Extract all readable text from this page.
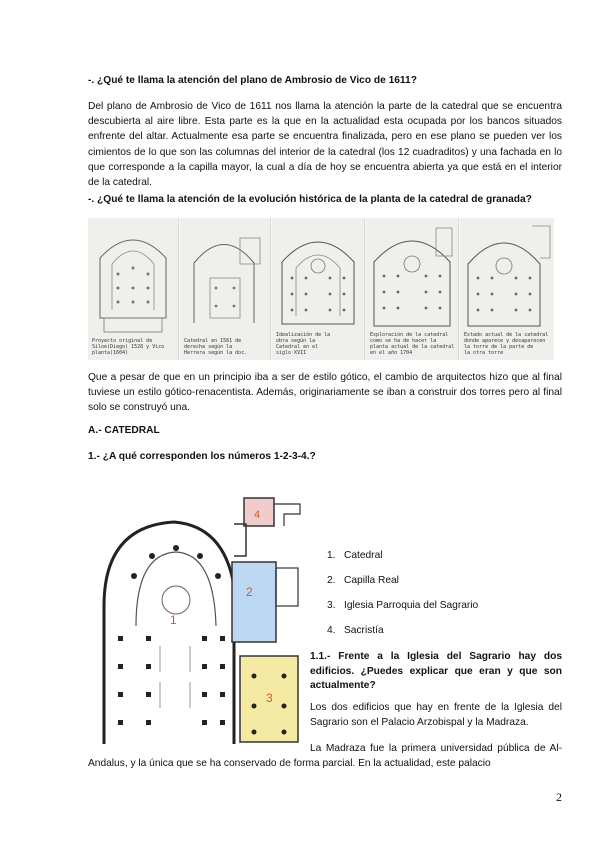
-. ¿Qué te llama la atención del plano de Ambrosio de Vico de 1611?

Del plano de Ambrosio de Vico de 1611 nos llama la atención la parte de la catedral que se encuentra descubierta al aire libre. Esta parte es la que en la actualidad esta ocupada por los bancos situados enfrente del altar. Actualmente esa parte se encuentra finalizada, pero en ese plano se pueden ver los cimientos de lo que son las columnas del interior de la catedral (los 12 cuadraditos) y una fachada en lo que corresponde a la capilla mayor, la cual a día de hoy se encuentra abierta ya que está en el interior de la catedral.

-. ¿Qué te llama la atención de la evolución histórica de la planta de la catedral de granada?

Proyecto original de
Siloe(Diego) 1528 y Vico
planta(1604)
Catedral en 1561 de
derecha según la
Herrera según la doc.
Idealización de la
obra según la
Catedral en el
siglo XVII
Exploración de la catedral
como se ha de hacer la
planta actual de la catedral
en el año 1704
Estado actual de la catedral
donde aparece y desaparecen
la torre de la parte de
la otra torre

Que a pesar de que en un principio iba a ser de estilo gótico, el cambio de arquitectos hizo que al final tuviese un estilo gótico-renacentista. Además, originariamente se iban a construir dos torres pero al final solo se construyó una.

A.- CATEDRAL

1.- ¿A qué corresponden los números 1-2-3-4.?

1
2
3
4
1. Catedral
2. Capilla Real
3. Iglesia Parroquia del Sagrario
4. Sacristía

1.1.- Frente a la Iglesia del Sagrario hay dos edificios. ¿Puedes explicar que eran y que son actualmente?

Los dos edificios que hay en frente de la Iglesia del Sagrario son el Palacio Arzobispal y la Madraza.

La Madraza fue la primera universidad pública de Al-Andalus, y la única que se ha conservado de forma parcial. En la actualidad, este palacio

2
